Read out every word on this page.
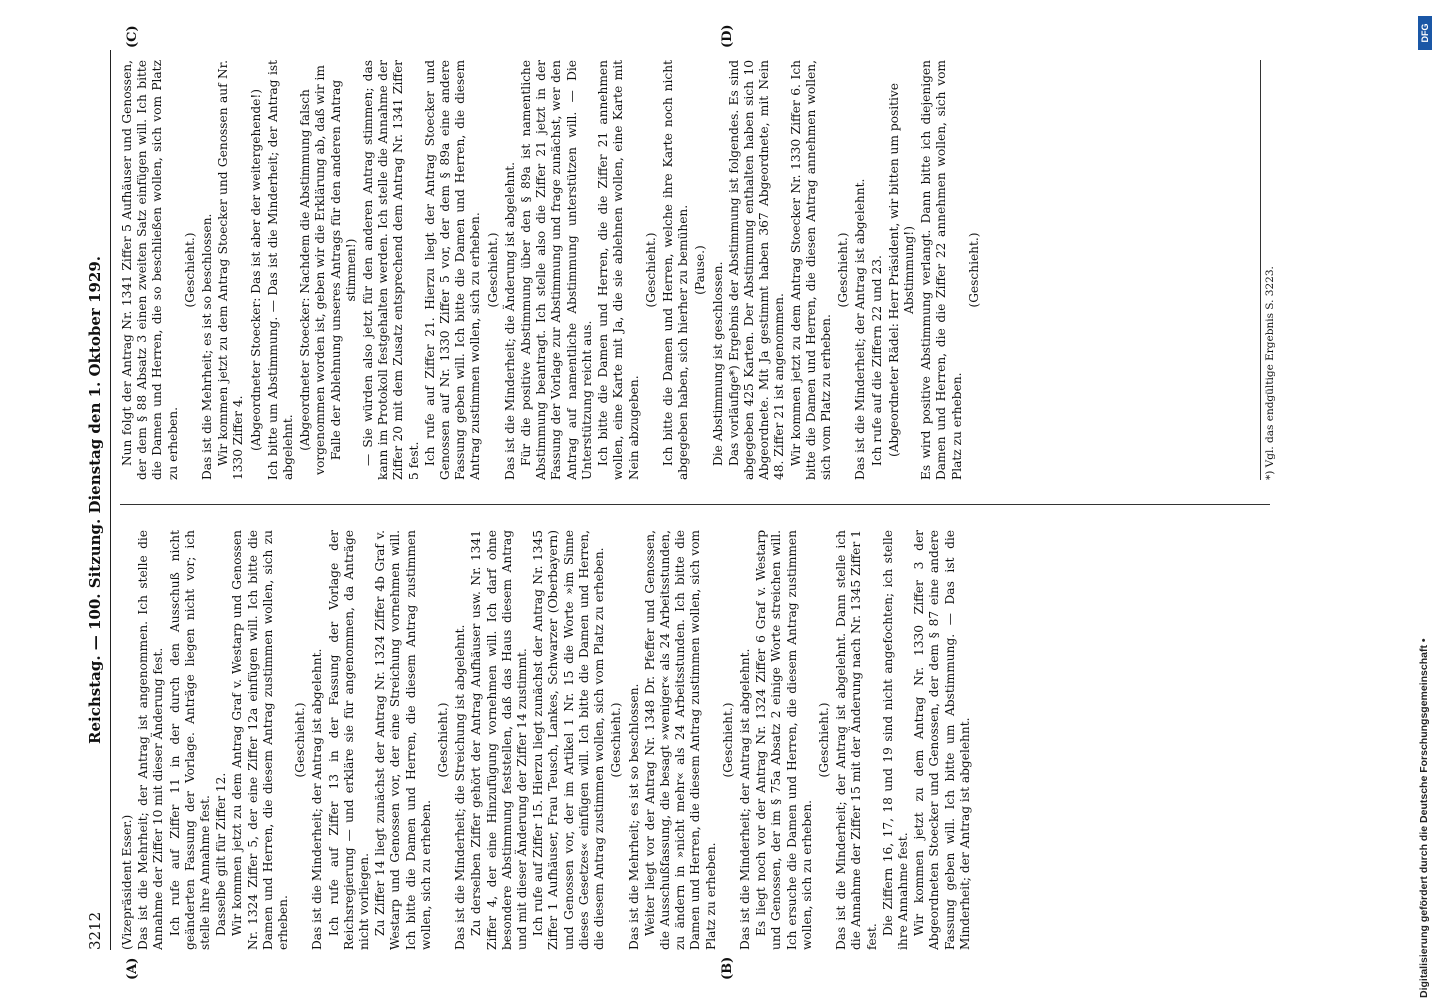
3212
Reichstag. — 100. Sitzung. Dienstag den 1. Oktober 1929.
(A)	(B)
(C)	(D)

(Vizepräsident Esser.) Das ist die Mehrheit; der Antrag ist angenommen. Ich stelle die Annahme der Ziffer 10 mit dieser Änderung fest. Ich rufe auf Ziffer 11 in der durch den Ausschuß nicht geänderten Fassung der Vorlage. Anträge liegen nicht vor; ich stelle ihre Annahme fest. Dasselbe gilt für Ziffer 12. Wir kommen jetzt zu dem Antrag Graf v. Westarp und Genossen Nr. 1324 Ziffer 5, der eine Ziffer 12a einfügen will. Ich bitte die Damen und Herren, die diesem Antrag zustimmen wollen, sich zu erheben.

(Geschieht.) Das ist die Minderheit; der Antrag ist abgelehnt. Ich rufe auf Ziffer 13 in der Fassung der Vorlage der Reichsregierung — und erkläre sie für angenommen, da Anträge nicht vorliegen. Zu Ziffer 14 liegt zunächst der Antrag Nr. 1324 Ziffer 4b Graf v. Westarp und Genossen vor, der eine Streichung vornehmen will. Ich bitte die Damen und Herren, die diesem Antrag zustimmen wollen, sich zu erheben.

(Geschieht.) Das ist die Minderheit; die Streichung ist abgelehnt. Zu derselben Ziffer gehört der Antrag Aufhäuser usw. Nr. 1341 Ziffer 4, der eine Hinzufügung vornehmen will. Ich darf ohne besondere Abstimmung feststellen, daß das Haus diesem Antrag und mit dieser Änderung der Ziffer 14 zustimmt. Ich rufe auf Ziffer 15. Hierzu liegt zunächst der Antrag Nr. 1345 Ziffer 1 Aufhäuser, Frau Teusch, Lankes, Schwarzer (Oberbayern) und Genossen vor, der im Artikel 1 Nr. 15 die Worte »im Sinne dieses Gesetzes« einfügen will. Ich bitte die Damen und Herren, die diesem Antrag zustimmen wollen, sich vom Platz zu erheben. (Geschieht.) Das ist die Mehrheit; es ist so beschlossen. Weiter liegt vor der Antrag Nr. 1348 Dr. Pfeffer und Genossen, die Ausschußfassung, die besagt »weniger« als 24 Arbeitsstunden, zu ändern in »nicht mehr« als 24 Arbeitsstunden. Ich bitte die Damen und Herren, die diesem Antrag zustimmen wollen, sich vom Platz zu erheben.

(Geschieht.) Das ist die Minderheit; der Antrag ist abgelehnt. Es liegt noch vor der Antrag Nr. 1324 Ziffer 6 Graf v. Westarp und Genossen, der im § 75a Absatz 2 einige Worte streichen will. Ich ersuche die Damen und Herren, die diesem Antrag zustimmen wollen, sich zu erheben.

(Geschieht.) Das ist die Minderheit; der Antrag ist abgelehnt. Dann stelle ich die Annahme der Ziffer 15 mit der Änderung nach Nr. 1345 Ziffer 1 fest.

Die Ziffern 16, 17, 18 und 19 sind nicht angefochten; ich stelle ihre Annahme fest. Wir kommen jetzt zu dem Antrag Nr. 1330 Ziffer 3 der Abgeordneten Stoecker und Genossen, der dem § 87 eine andere Fassung geben will. Ich bitte um Abstimmung. — Das ist die Minderheit; der Antrag ist abgelehnt.

Nun folgt der Antrag Nr. 1341 Ziffer 5 Aufhäuser und Genossen, der dem § 88 Absatz 3 einen zweiten Satz einfügen will. Ich bitte die Damen und Herren, die so beschließen wollen, sich vom Platz zu erheben.

(Geschieht.) Das ist die Mehrheit; es ist so beschlossen. Wir kommen jetzt zu dem Antrag Stoecker und Genossen auf Nr. 1330 Ziffer 4. (Abgeordneter Stoecker: Das ist aber der weitergehende!) Ich bitte um Abstimmung. — Das ist die Minderheit; der Antrag ist abgelehnt. (Abgeordneter Stoecker: Nachdem die Abstimmung falsch vorgenommen worden ist, geben wir die Erklärung ab, daß wir im Falle der Ablehnung unseres Antrags für den anderen Antrag stimmen!) — Sie würden also jetzt für den anderen Antrag stimmen; das kann im Protokoll festgehalten werden. Ich stelle die Annahme der Ziffer 20 mit dem Zusatz entsprechend dem Antrag Nr. 1341 Ziffer 5 fest. Ich rufe auf Ziffer 21. Hierzu liegt der Antrag Stoecker und Genossen auf Nr. 1330 Ziffer 5 vor, der dem § 89a eine andere Fassung geben will. Ich bitte die Damen und Herren, die diesem Antrag zustimmen wollen, sich zu erheben. (Geschieht.) Das ist die Minderheit; die Änderung ist abgelehnt. Für die positive Abstimmung über den § 89a ist namentliche Abstimmung beantragt. Ich stelle also die Ziffer 21 jetzt in der Fassung der Vorlage zur Abstimmung und frage zunächst, wer den Antrag auf namentliche Abstimmung unterstützen will. — Die Unterstützung reicht aus. Ich bitte die Damen und Herren, die die Ziffer 21 annehmen wollen, eine Karte mit Ja, die sie ablehnen wollen, eine Karte mit Nein abzugeben.

(Geschieht.) Ich bitte die Damen und Herren, welche ihre Karte noch nicht abgegeben haben, sich hierher zu bemühen. (Pause.) Die Abstimmung ist geschlossen. Das vorläufige*) Ergebnis der Abstimmung ist folgendes. Es sind abgegeben 425 Karten. Der Abstimmung enthalten haben sich 10 Abgeordnete. Mit Ja gestimmt haben 367 Abgeordnete, mit Nein 48. Ziffer 21 ist angenommen. Wir kommen jetzt zu dem Antrag Stoecker Nr. 1330 Ziffer 6. Ich bitte die Damen und Herren, die diesen Antrag annehmen wollen, sich vom Platz zu erheben.

(Geschieht.) Das ist die Minderheit; der Antrag ist abgelehnt. Ich rufe auf die Ziffern 22 und 23. (Abgeordneter Rädel: Herr Präsident, wir bitten um positive Abstimmung!) Es wird positive Abstimmung verlangt. Dann bitte ich diejenigen Damen und Herren, die die Ziffer 22 annehmen wollen, sich vom Platz zu erheben.

(Geschieht.)	*) Vgl. das endgültige Ergebnis S. 3223.
DFG
Digitalisierung gefördert durch die Deutsche Forschungsgemeinschaft •
